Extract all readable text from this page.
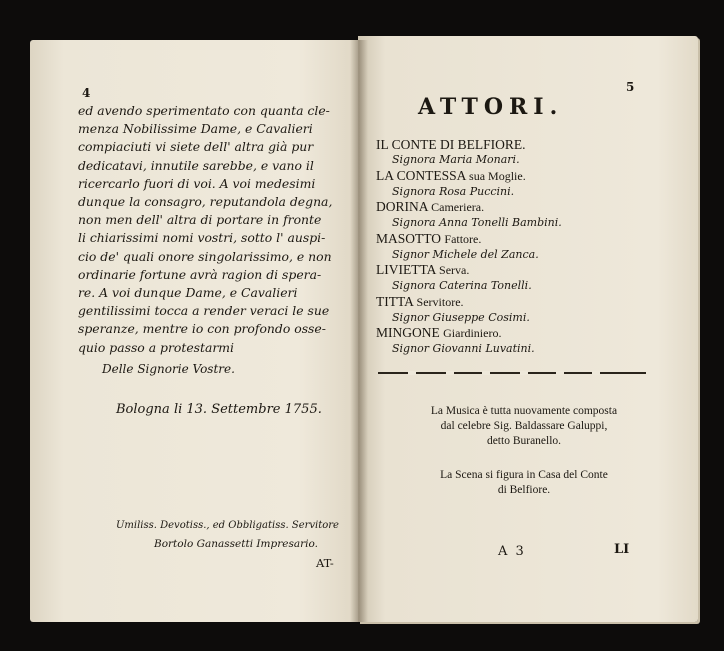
4
ed avendo sperimentato con quanta cle-
menza Nobilissime Dame, e Cavalieri
compiaciuti vi siete dell' altra già pur
dedicatavi, innutile sarebbe, e vano il
ricercarlo fuori di voi. A voi medesimi
dunque la consagro, reputandola degna,
non men dell' altra di portare in fronte
li chiarissimi nomi vostri, sotto l' auspi-
cio de' quali onore singolarissimo, e non
ordinarie fortune avrà ragion di spera-
re. A voi dunque Dame, e Cavalieri
gentilissimi tocca a render veraci le sue
speranze, mentre io con profondo osse-
quio passo a protestarmi
Delle Signorie Vostre.
Bologna li 13. Settembre 1755.
Umiliss. Devotiss., ed Obbligatiss. Servitore
Bortolo Ganassetti Impresario.
AT-
5
ATTORI.
IL CONTE DI BELFIORE.
Signora Maria Monari.
LA CONTESSA sua Moglie.
Signora Rosa Puccini.
DORINA Cameriera.
Signora Anna Tonelli Bambini.
MASOTTO Fattore.
Signor Michele del Zanca.
LIVIETTA Serva.
Signora Caterina Tonelli.
TITTA Servitore.
Signor Giuseppe Cosimi.
MINGONE Giardiniero.
Signor Giovanni Luvatini.
La Musica è tutta nuovamente composta
dal celebre Sig. Baldassare Galuppi,
detto Buranello.
La Scena si figura in Casa del Conte
di Belfiore.
A 3	LI
